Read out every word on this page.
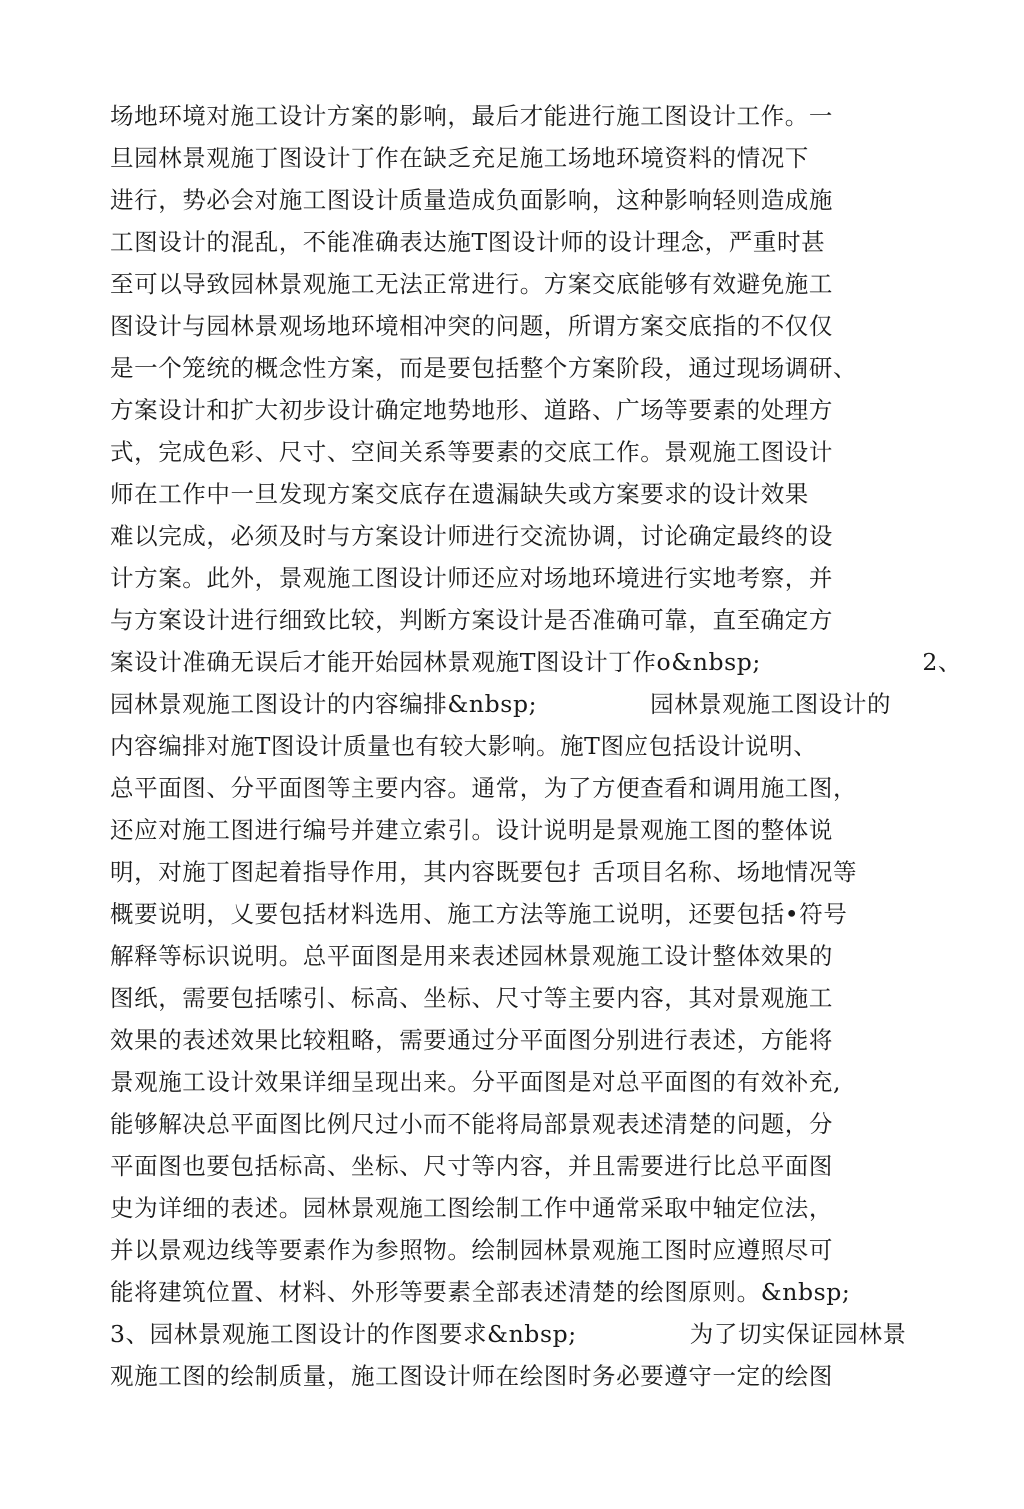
场地环境对施工设计方案的影响，最后才能进行施工图设计工作。一
旦园林景观施丁图设计丁作在缺乏充足施工场地环境资料的情况下
进行，势必会对施工图设计质量造成负面影响，这种影响轻则造成施
工图设计的混乱，不能准确表达施T图设计师的设计理念，严重时甚
至可以导致园林景观施工无法正常进行。方案交底能够有效避免施工
图设计与园林景观场地环境相冲突的问题，所谓方案交底指的不仅仅
是一个笼统的概念性方案，而是要包括整个方案阶段，通过现场调研、
方案设计和扩大初步设计确定地势地形、道路、广场等要素的处理方
式，完成色彩、尺寸、空间关系等要素的交底工作。景观施工图设计
师在工作中一旦发现方案交底存在遗漏缺失或方案要求的设计效果
难以完成，必须及时与方案设计师进行交流协调，讨论确定最终的设
计方案。此外，景观施工图设计师还应对场地环境进行实地考察，并
与方案设计进行细致比较，判断方案设计是否准确可靠，直至确定方
案设计准确无误后才能开始园林景观施T图设计丁作o&nbsp;                    2、
园林景观施工图设计的内容编排&nbsp;              园林景观施工图设计的
内容编排对施T图设计质量也有较大影响。施T图应包括设计说明、
总平面图、分平面图等主要内容。通常，为了方便查看和调用施工图，
还应对施工图进行编号并建立索引。设计说明是景观施工图的整体说
明，对施丁图起着指导作用，其内容既要包扌舌项目名称、场地情况等
概要说明，乂要包括材料选用、施工方法等施工说明，还要包括•符号
解释等标识说明。总平面图是用来表述园林景观施工设计整体效果的
图纸，需要包括嗦引、标高、坐标、尺寸等主要内容，其对景观施工
效果的表述效果比较粗略，需要通过分平面图分别进行表述，方能将
景观施工设计效果详细呈现出来。分平面图是对总平面图的有效补充,
能够解决总平面图比例尺过小而不能将局部景观表述清楚的问题，分
平面图也要包括标高、坐标、尺寸等内容，并且需要进行比总平面图
史为详细的表述。园林景观施工图绘制工作中通常采取中轴定位法，
并以景观边线等要素作为参照物。绘制园林景观施工图时应遵照尽可
能将建筑位置、材料、外形等要素全部表述清楚的绘图原则。&nbsp;
3、园林景观施工图设计的作图要求&nbsp;              为了切实保证园林景
观施工图的绘制质量，施工图设计师在绘图时务必要遵守一定的绘图
